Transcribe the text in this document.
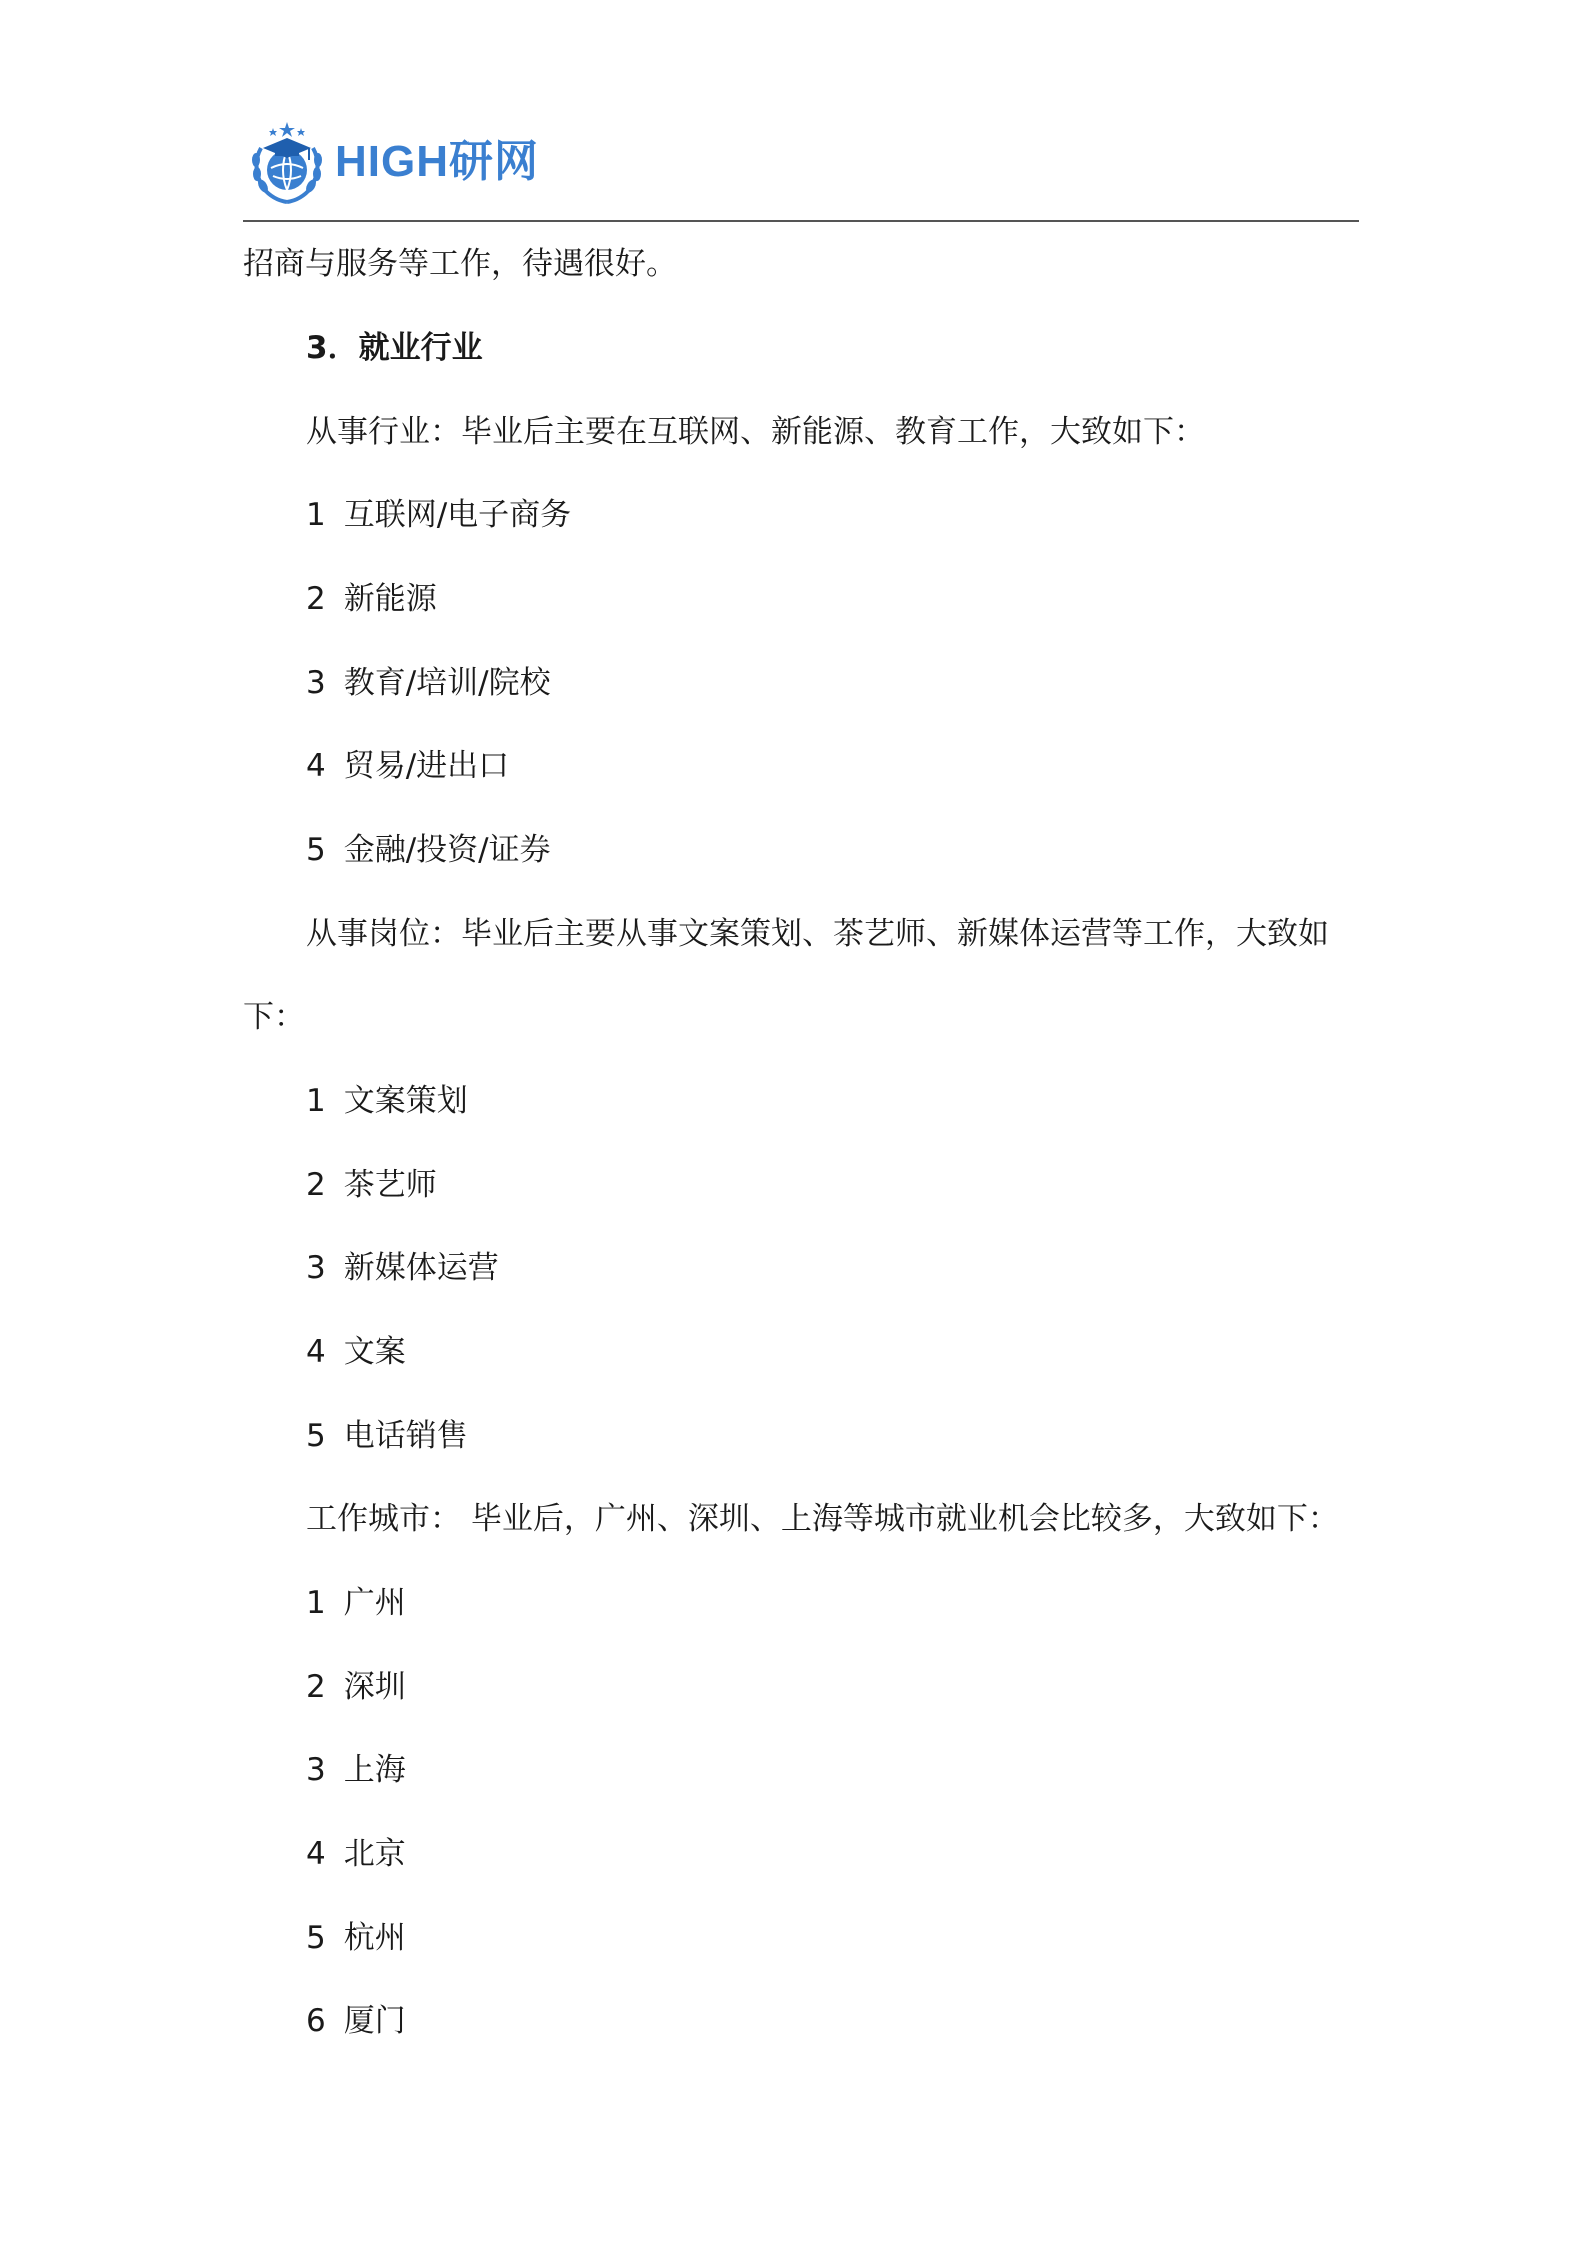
HIGH研网
招商与服务等工作，待遇很好。
3．就业行业
从事行业：毕业后主要在互联网、新能源、教育工作，大致如下：
1 互联网/电子商务
2 新能源
3 教育/培训/院校
4 贸易/进出口
5 金融/投资/证券
从事岗位：毕业后主要从事文案策划、茶艺师、新媒体运营等工作，大致如
下：
1 文案策划
2 茶艺师
3 新媒体运营
4 文案
5 电话销售
工作城市： 毕业后，广州、深圳、上海等城市就业机会比较多，大致如下：
1 广州
2 深圳
3 上海
4 北京
5 杭州
6 厦门
